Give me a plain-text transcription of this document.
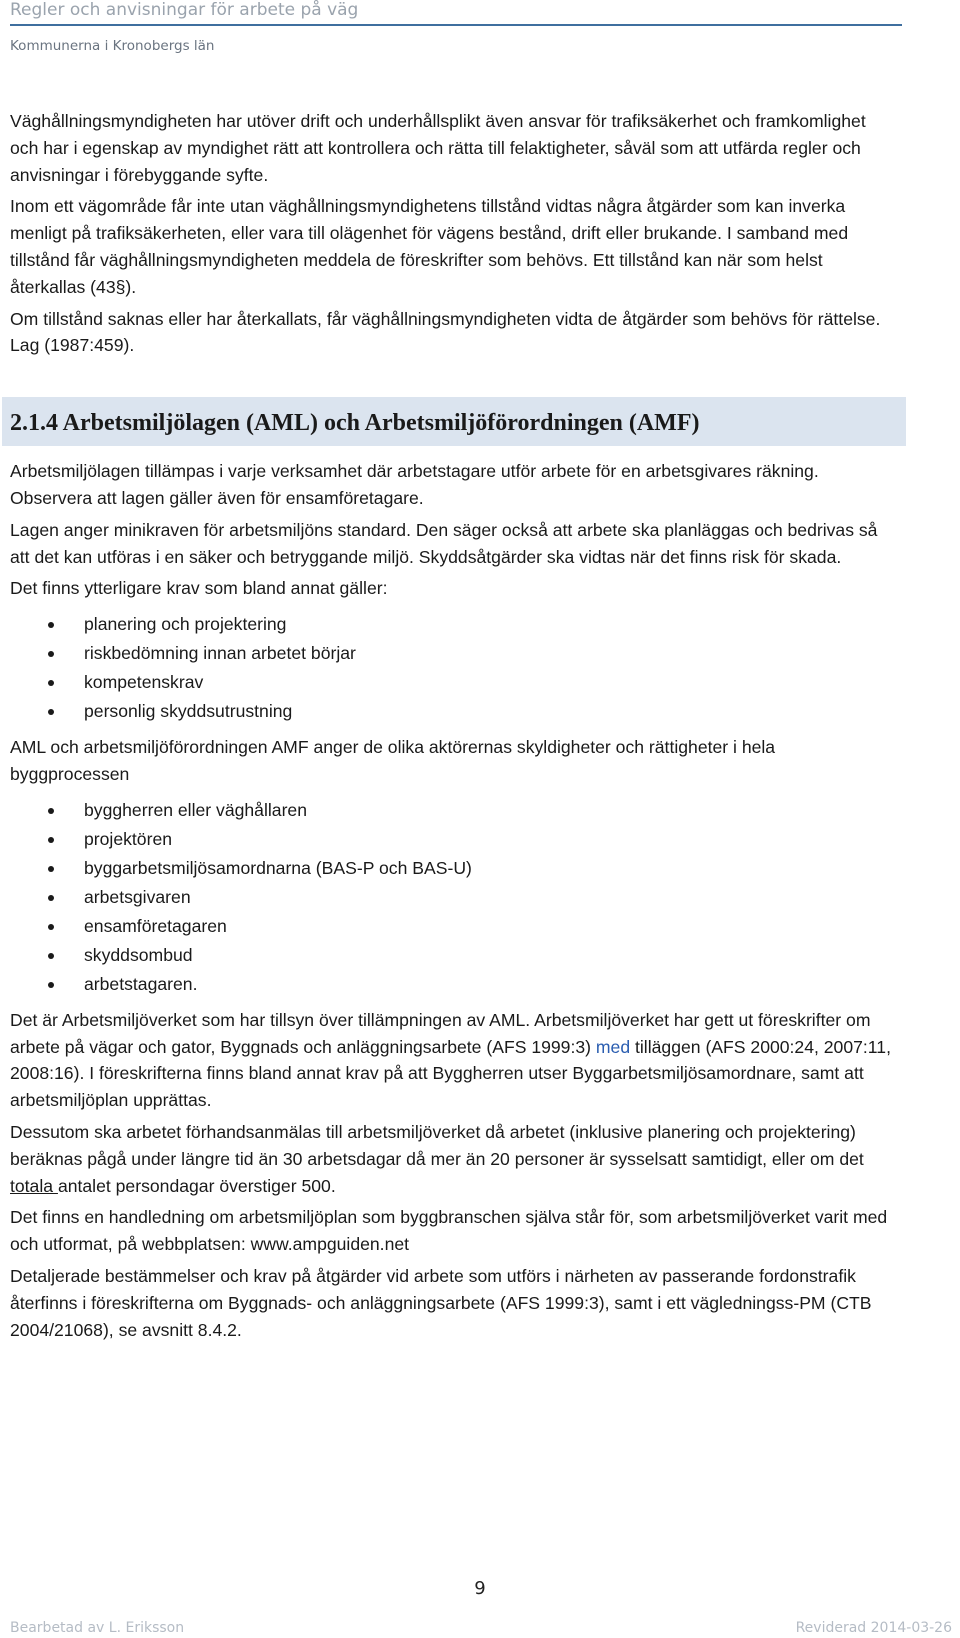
Regler och anvisningar för arbete på väg
Kommunerna i Kronobergs län

Väghållningsmyndigheten har utöver drift och underhållsplikt även ansvar för trafiksäkerhet och framkomlighet och har i egenskap av myndighet rätt att kontrollera och rätta till felaktigheter, såväl som att utfärda regler och anvisningar i förebyggande syfte.

Inom ett vägområde får inte utan väghållningsmyndighetens tillstånd vidtas några åtgärder som kan inverka menligt på trafiksäkerheten, eller vara till olägenhet för vägens bestånd, drift eller brukande. I samband med tillstånd får väghållningsmyndigheten meddela de föreskrifter som behövs. Ett tillstånd kan när som helst återkallas (43§).

Om tillstånd saknas eller har återkallats, får väghållningsmyndigheten vidta de åtgärder som behövs för rättelse. Lag (1987:459).

2.1.4 Arbetsmiljölagen (AML) och Arbetsmiljöförordningen (AMF)

Arbetsmiljölagen tillämpas i varje verksamhet där arbetstagare utför arbete för en arbetsgivares räkning. Observera att lagen gäller även för ensamföretagare.

Lagen anger minikraven för arbetsmiljöns standard. Den säger också att arbete ska planläggas och bedrivas så att det kan utföras i en säker och betryggande miljö. Skyddsåtgärder ska vidtas när det finns risk för skada.

Det finns ytterligare krav som bland annat gäller:

planering och projektering
riskbedömning innan arbetet börjar
kompetenskrav
personlig skyddsutrustning

AML och arbetsmiljöförordningen AMF anger de olika aktörernas skyldigheter och rättigheter i hela byggprocessen

byggherren eller väghållaren
projektören
byggarbetsmiljösamordnarna (BAS-P och BAS-U)
arbetsgivaren
ensamföretagaren
skyddsombud
arbetstagaren.

Det är Arbetsmiljöverket som har tillsyn över tillämpningen av AML. Arbetsmiljöverket har gett ut föreskrifter om arbete på vägar och gator, Byggnads och anläggningsarbete (AFS 1999:3) med tilläggen (AFS 2000:24, 2007:11, 2008:16). I föreskrifterna finns bland annat krav på att Byggherren utser Byggarbetsmiljösamordnare, samt att arbetsmiljöplan upprättas.

Dessutom ska arbetet förhandsanmälas till arbetsmiljöverket då arbetet (inklusive planering och projektering) beräknas pågå under längre tid än 30 arbetsdagar då mer än 20 personer är sysselsatt samtidigt, eller om det totala antalet persondagar överstiger 500.

Det finns en handledning om arbetsmiljöplan som byggbranschen själva står för, som arbetsmiljöverket varit med och utformat, på webbplatsen: www.ampguiden.net

Detaljerade bestämmelser och krav på åtgärder vid arbete som utförs i närheten av passerande fordonstrafik återfinns i föreskrifterna om Byggnads- och anläggningsarbete (AFS 1999:3), samt i ett vägledningss-PM (CTB 2004/21068), se avsnitt 8.4.2.

9
Bearbetad av L. Eriksson	Reviderad 2014-03-26
